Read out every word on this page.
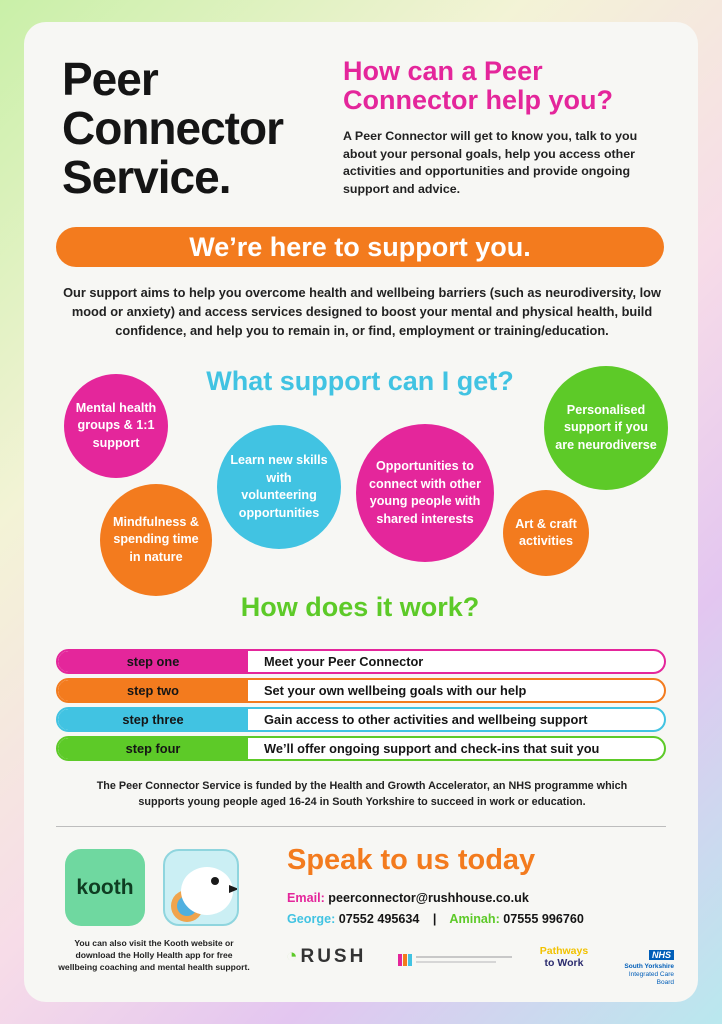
Peer
Connector
Service.
How can a Peer
Connector help you?
A Peer Connector will get to know you, talk to you about your personal goals, help you access other activities and opportunities and provide ongoing support and advice.
We’re here to support you.
Our support aims to help you overcome health and wellbeing barriers (such as neurodiversity, low mood or anxiety) and access services designed to boost your mental and physical health, build confidence, and help you to remain in, or find, employment or training/education.
What support can I get?
Mental health groups & 1:1 support
Mindfulness & spending time in nature
Learn new skills with volunteering opportunities
Opportunities to connect with other young people with shared interests	Art & craft activities
Personalised support if you are neurodiverse
How does it work?
step one	Meet your Peer Connector
step two	Set your own wellbeing goals with our help
step three	Gain access to other activities and wellbeing support
step four	We’ll offer ongoing support and check-ins that suit you
The Peer Connector Service is funded by the Health and Growth Accelerator, an NHS programme which
supports young people aged 16-24 in South Yorkshire to succeed in work or education.
kooth
You can also visit the Kooth website or download the Holly Health app for free wellbeing coaching and mental health support.
Speak to us today
Email: peerconnector@rushhouse.co.uk
George: 07552 495634 | Aminah: 07555 996760
◔RUSH	Pathways
to Work
NHS
South Yorkshire
Integrated Care Board
